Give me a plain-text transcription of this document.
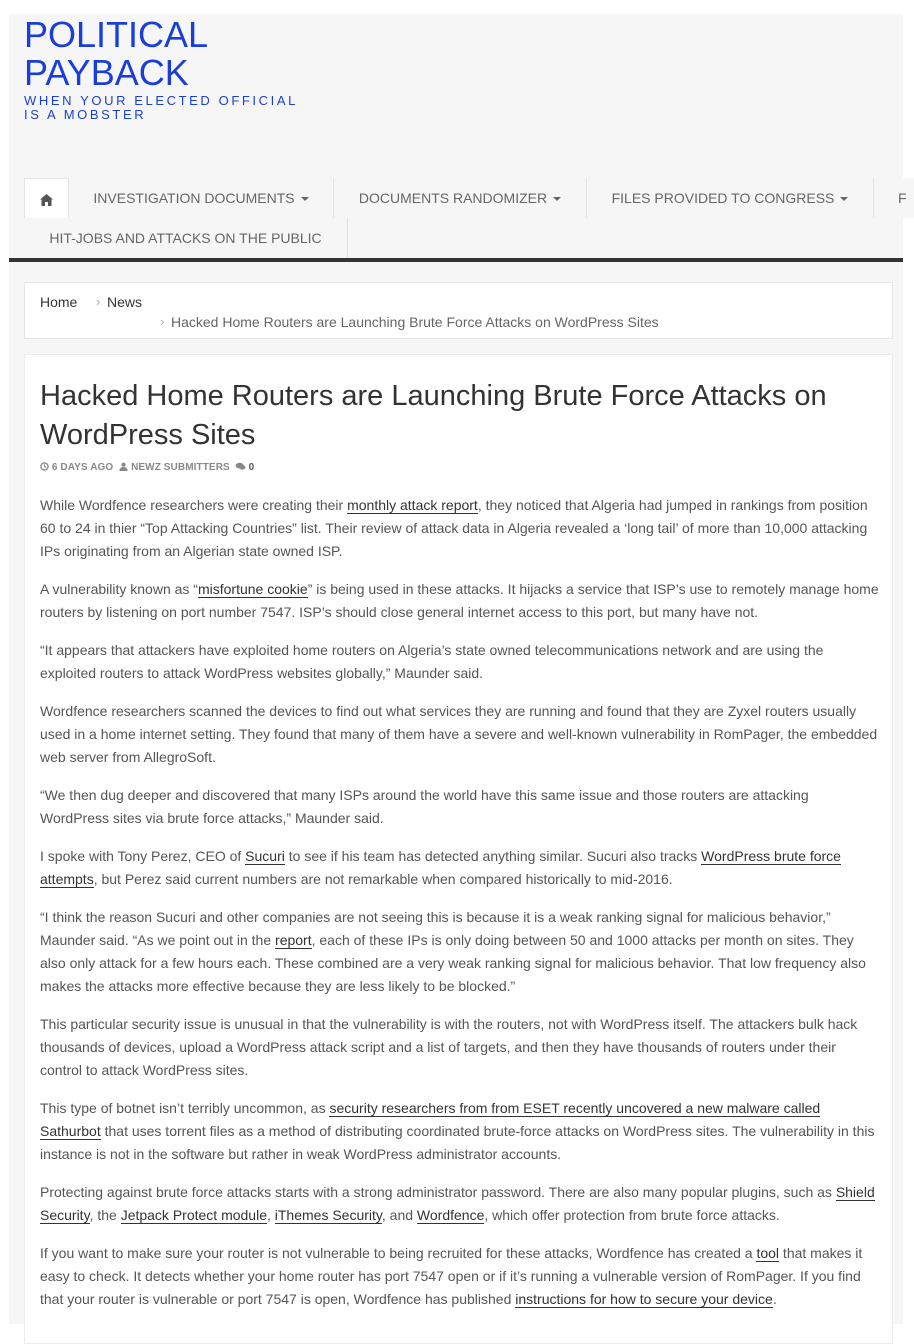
POLITICAL
PAYBACK
WHEN YOUR ELECTED OFFICIAL
IS A MOBSTER
INVESTIGATION DOCUMENTS	DOCUMENTS RANDOMIZER	FILES PROVIDED TO CONGRESS	F
HIT-JOBS AND ATTACKS ON THE PUBLIC
Home › News
› Hacked Home Routers are Launching Brute Force Attacks on WordPress Sites
Hacked Home Routers are Launching Brute Force Attacks on WordPress Sites
6 DAYS AGO NEWZ SUBMITTERS 0

While Wordfence researchers were creating their monthly attack report, they noticed that Algeria had jumped in rankings from position 60 to 24 in thier “Top Attacking Countries” list. Their review of attack data in Algeria revealed a ‘long tail’ of more than 10,000 attacking IPs originating from an Algerian state owned ISP.

A vulnerability known as “misfortune cookie” is being used in these attacks. It hijacks a service that ISP’s use to remotely manage home routers by listening on port number 7547. ISP’s should close general internet access to this port, but many have not.

“It appears that attackers have exploited home routers on Algeria’s state owned telecommunications network and are using the exploited routers to attack WordPress websites globally,” Maunder said.

Wordfence researchers scanned the devices to find out what services they are running and found that they are Zyxel routers usually used in a home internet setting. They found that many of them have a severe and well-known vulnerability in RomPager, the embedded web server from AllegroSoft.

“We then dug deeper and discovered that many ISPs around the world have this same issue and those routers are attacking WordPress sites via brute force attacks,” Maunder said.

I spoke with Tony Perez, CEO of Sucuri to see if his team has detected anything similar. Sucuri also tracks WordPress brute force attempts, but Perez said current numbers are not remarkable when compared historically to mid-2016.

“I think the reason Sucuri and other companies are not seeing this is because it is a weak ranking signal for malicious behavior,” Maunder said. “As we point out in the report, each of these IPs is only doing between 50 and 1000 attacks per month on sites. They also only attack for a few hours each. These combined are a very weak ranking signal for malicious behavior. That low frequency also makes the attacks more effective because they are less likely to be blocked.”

This particular security issue is unusual in that the vulnerability is with the routers, not with WordPress itself. The attackers bulk hack thousands of devices, upload a WordPress attack script and a list of targets, and then they have thousands of routers under their control to attack WordPress sites.

This type of botnet isn’t terribly uncommon, as security researchers from from ESET recently uncovered a new malware called Sathurbot that uses torrent files as a method of distributing coordinated brute-force attacks on WordPress sites. The vulnerability in this instance is not in the software but rather in weak WordPress administrator accounts.

Protecting against brute force attacks starts with a strong administrator password. There are also many popular plugins, such as Shield Security, the Jetpack Protect module, iThemes Security, and Wordfence, which offer protection from brute force attacks.

If you want to make sure your router is not vulnerable to being recruited for these attacks, Wordfence has created a tool that makes it easy to check. It detects whether your home router has port 7547 open or if it’s running a vulnerable version of RomPager. If you find that your router is vulnerable or port 7547 is open, Wordfence has published instructions for how to secure your device.
